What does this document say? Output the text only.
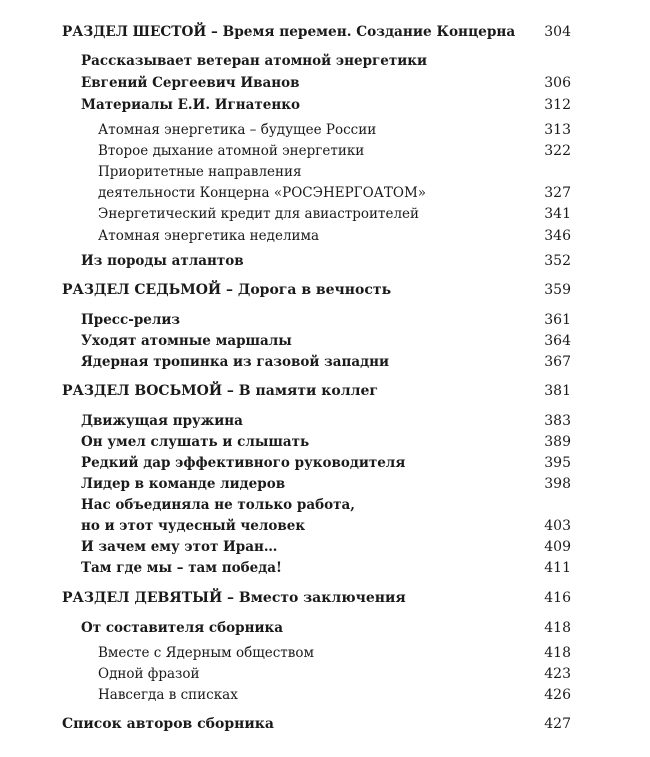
РАЗДЕЛ ШЕСТОЙ – Время перемен. Создание Концерна	304
Рассказывает ветеран атомной энергетики
Евгений Сергеевич Иванов	306
Материалы Е.И. Игнатенко	312
Атомная энергетика – будущее России	313
Второе дыхание атомной энергетики	322
Приоритетные направления
деятельности Концерна «РОСЭНЕРГОАТОМ»	327
Энергетический кредит для авиастроителей	341
Атомная энергетика неделима	346
Из породы атлантов	352
РАЗДЕЛ СЕДЬМОЙ – Дорога в вечность	359
Пресс-релиз	361
Уходят атомные маршалы	364
Ядерная тропинка из газовой западни	367
РАЗДЕЛ ВОСЬМОЙ – В памяти коллег	381
Движущая пружина	383
Он умел слушать и слышать	389
Редкий дар эффективного руководителя	395
Лидер в команде лидеров	398
Нас объединяла не только работа,
но и этот чудесный человек	403
И зачем ему этот Иран…	409
Там где мы – там победа!	411
РАЗДЕЛ ДЕВЯТЫЙ – Вместо заключения	416
От составителя сборника	418
Вместе с Ядерным обществом	418
Одной фразой	423
Навсегда в списках	426
Список авторов сборника	427
